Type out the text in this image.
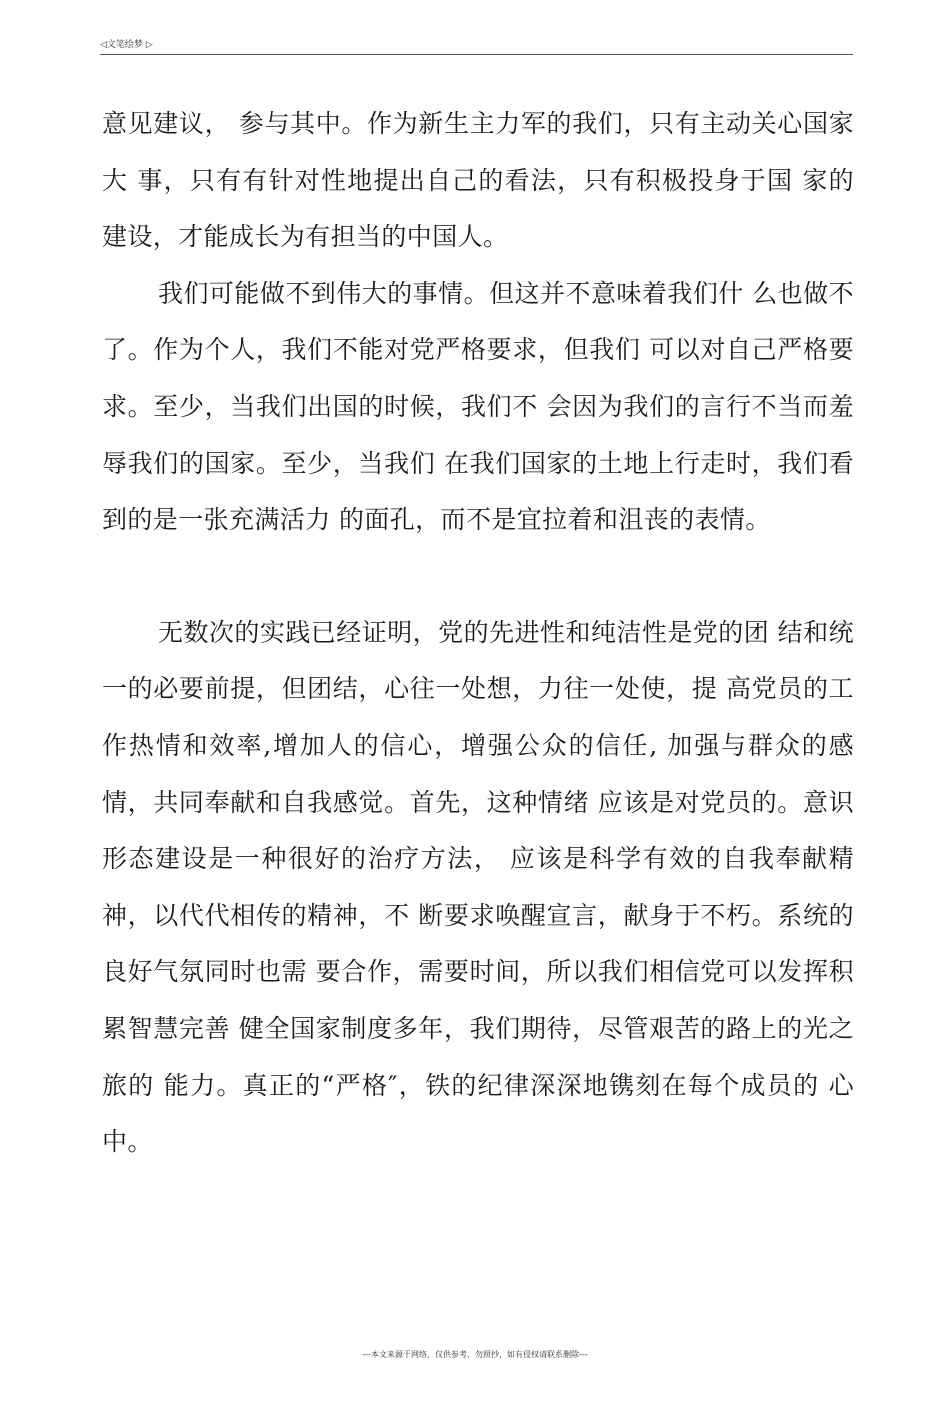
◁文笔绘梦 ▷

意见建议， 参与其中。作为新生主力军的我们，只有主动关心国家大 事，只有有针对性地提出自己的看法，只有积极投身于国 家的建设，才能成长为有担当的中国人。

我们可能做不到伟大的事情。但这并不意味着我们什 么也做不了。作为个人，我们不能对党严格要求，但我们 可以对自己严格要求。至少，当我们出国的时候，我们不 会因为我们的言行不当而羞辱我们的国家。至少，当我们 在我们国家的土地上行走时，我们看到的是一张充满活力 的面孔，而不是宜拉着和沮丧的表情。

无数次的实践已经证明，党的先进性和纯洁性是党的团 结和统一的必要前提，但团结，心往一处想，力往一处使，提 高党员的工作热情和效率,增加人的信心，增强公众的信任, 加强与群众的感情，共同奉献和自我感觉。首先，这种情绪 应该是对党员的。意识形态建设是一种很好的治疗方法， 应该是科学有效的自我奉献精神，以代代相传的精神，不 断要求唤醒宣言，献身于不朽。系统的良好气氛同时也需 要合作，需要时间，所以我们相信党可以发挥积累智慧完善 健全国家制度多年，我们期待，尽管艰苦的路上的光之旅的 能力。真正的“严格″，铁的纪律深深地镌刻在每个成员的 心中。

---本文来源于网络，仅供参考，勿照抄，如有侵权请联系删除---
